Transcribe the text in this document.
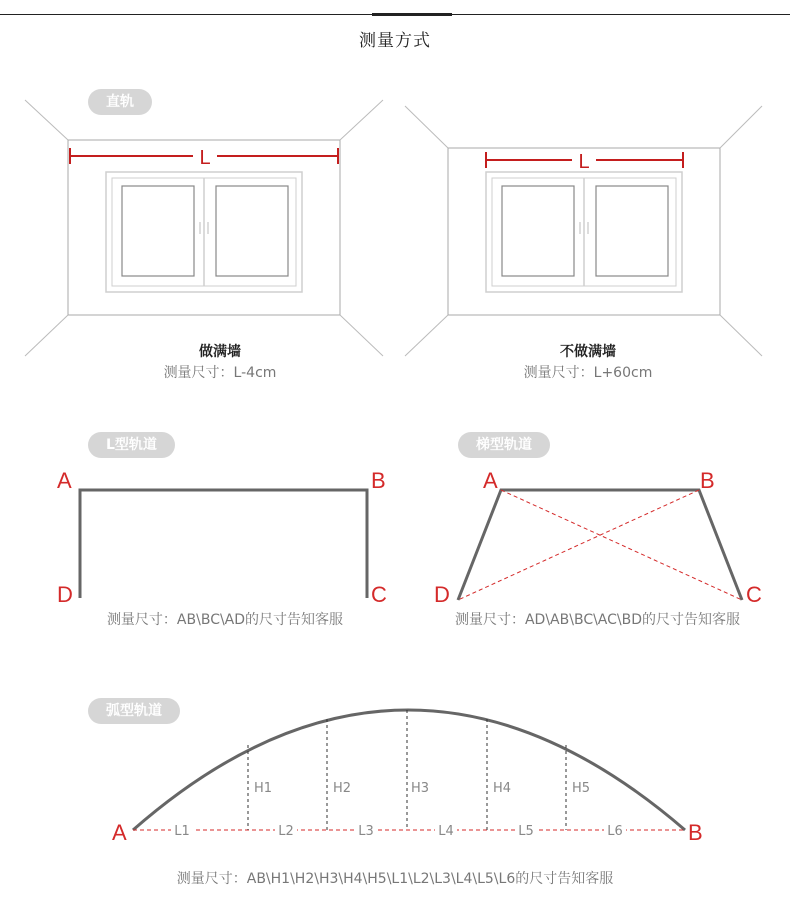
测量方式
L	L
A	B
C
D
A	B
C
D
A	B
H1	H2	H3	H4	H5
L1	L2	L3	L4	L5	L6
直轨
L型轨道	梯型轨道
弧型轨道
做满墙
测量尺寸：L-4cm
不做满墙
测量尺寸：L+60cm
测量尺寸：AB\BC\AD的尺寸告知客服	测量尺寸：AD\AB\BC\AC\BD的尺寸告知客服
测量尺寸：AB\H1\H2\H3\H4\H5\L1\L2\L3\L4\L5\L6的尺寸告知客服
